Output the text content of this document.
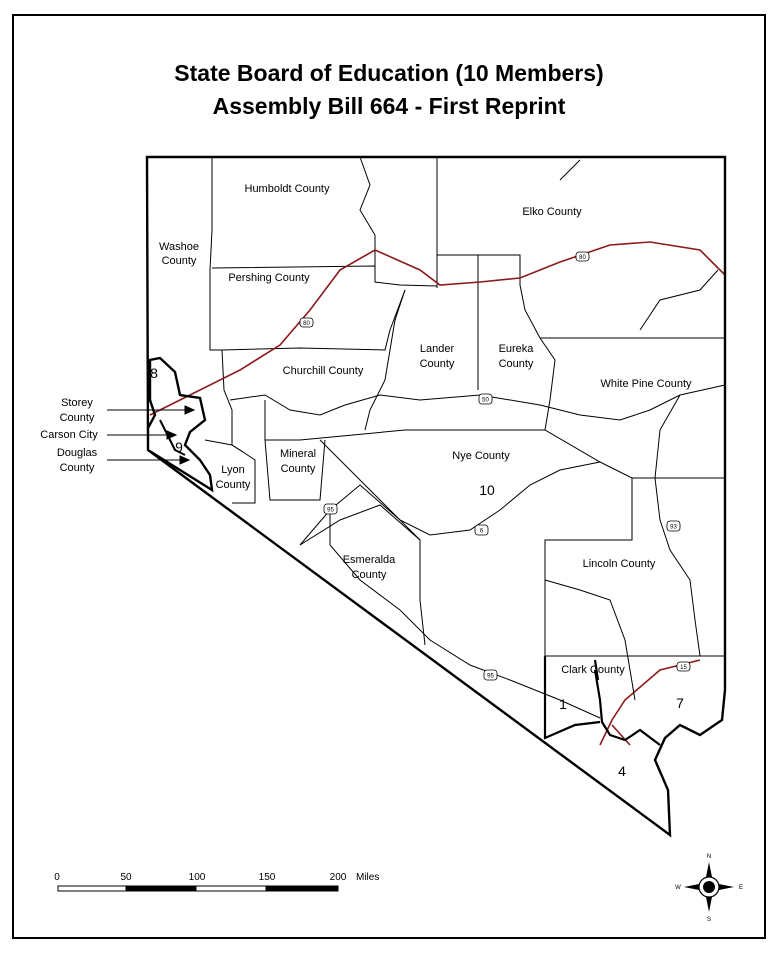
State Board of Education (10 Members)
Assembly Bill 664 - First Reprint
80
80
50
6
95
95
93
15
Humboldt County
Elko County
Washoe
County
Pershing County
Lander
County
Eureka
County
Churchill County
White Pine County
Storey
County
Carson City
Douglas
County	Lyon
County
Mineral
County
Nye County
Lincoln County
Esmeralda
County
Clark County
8
9
10
1	7
4
0	50	100	150	200 Miles
N
S
W	E
